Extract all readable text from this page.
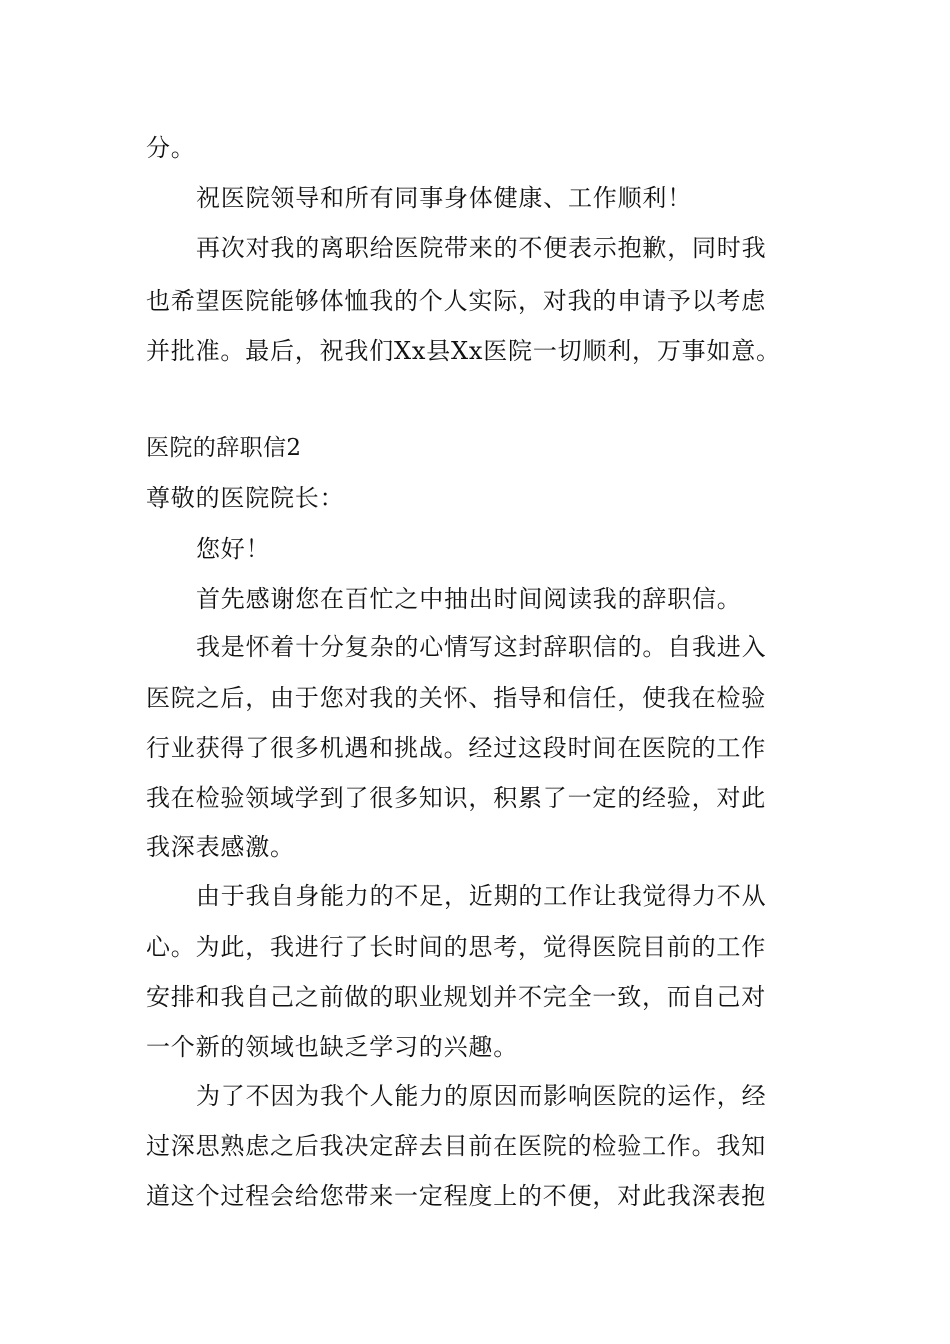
分。
祝医院领导和所有同事身体健康、工作顺利！
再次对我的离职给医院带来的不便表示抱歉，同时我
也希望医院能够体恤我的个人实际，对我的申请予以考虑
并批准。最后，祝我们Xx县Xx医院一切顺利，万事如意。
医院的辞职信2
尊敬的医院院长：
您好！
首先感谢您在百忙之中抽出时间阅读我的辞职信。
我是怀着十分复杂的心情写这封辞职信的。自我进入
医院之后，由于您对我的关怀、指导和信任，使我在检验
行业获得了很多机遇和挑战。经过这段时间在医院的工作
我在检验领域学到了很多知识，积累了一定的经验，对此
我深表感激。
由于我自身能力的不足，近期的工作让我觉得力不从
心。为此，我进行了长时间的思考，觉得医院目前的工作
安排和我自己之前做的职业规划并不完全一致，而自己对
一个新的领域也缺乏学习的兴趣。
为了不因为我个人能力的原因而影响医院的运作，经
过深思熟虑之后我决定辞去目前在医院的检验工作。我知
道这个过程会给您带来一定程度上的不便，对此我深表抱
